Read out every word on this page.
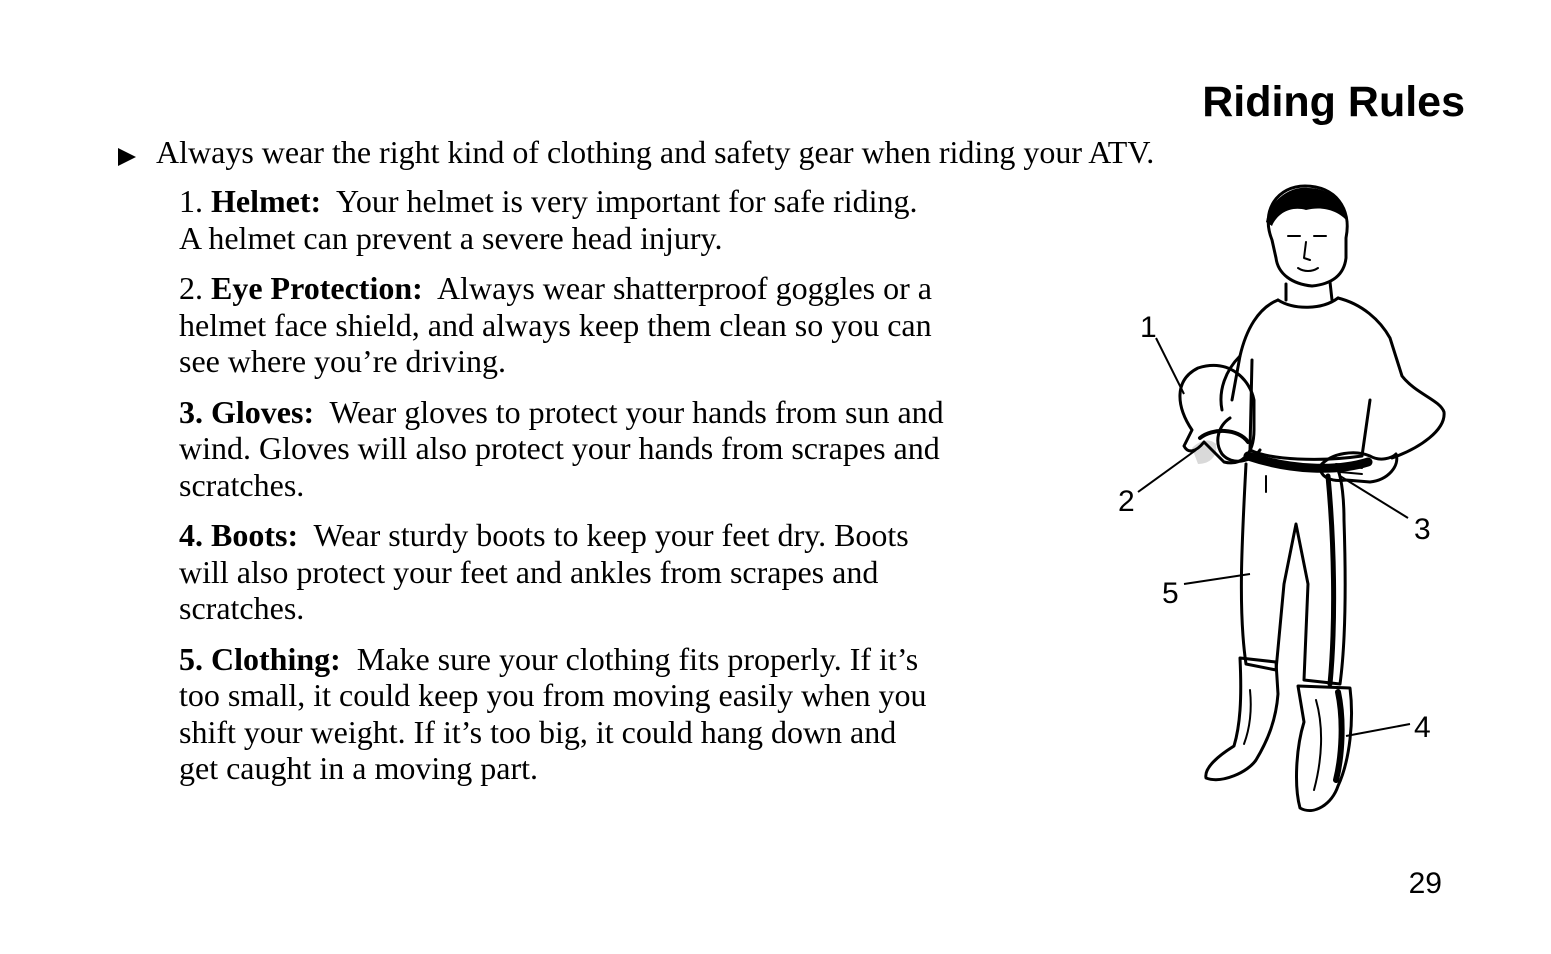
Riding Rules
Always wear the right kind of clothing and safety gear when riding your ATV.

1. Helmet: Your helmet is very important for safe riding.
A helmet can prevent a severe head injury.

2. Eye Protection: Always wear shatterproof goggles or a
helmet face shield, and always keep them clean so you can
see where you’re driving.

3. Gloves: Wear gloves to protect your hands from sun and
wind. Gloves will also protect your hands from scrapes and
scratches.

4. Boots: Wear sturdy boots to keep your feet dry. Boots
will also protect your feet and ankles from scrapes and
scratches.

5. Clothing: Make sure your clothing fits properly. If it’s
too small, it could keep you from moving easily when you
shift your weight. If it’s too big, it could hang down and
get caught in a moving part.

1
2
3
4
5
29
